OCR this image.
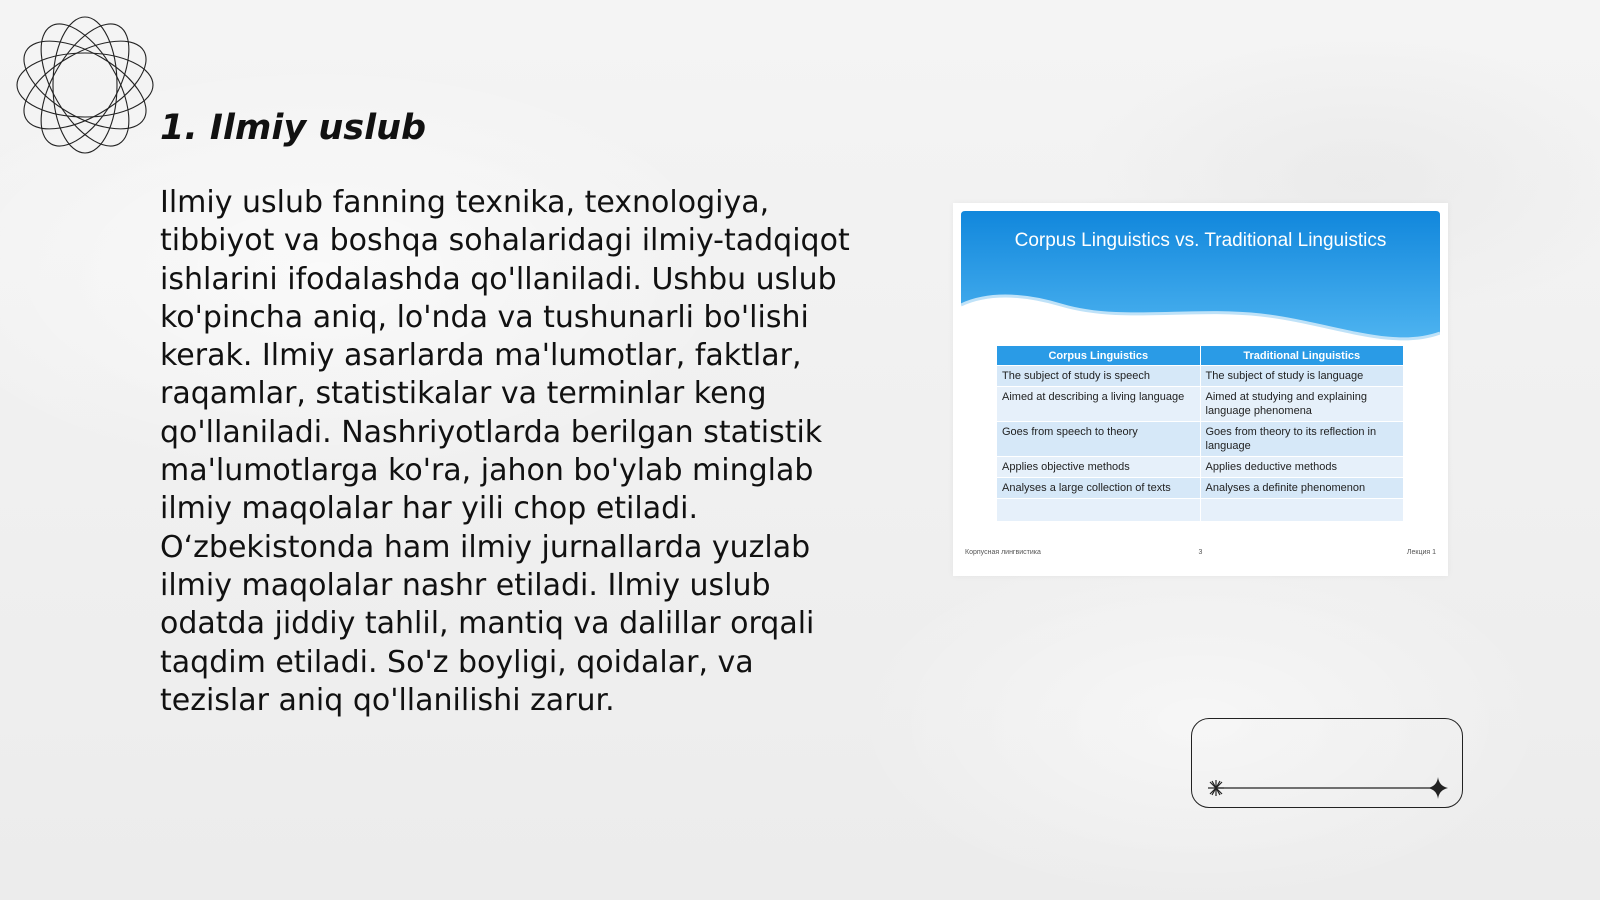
1. Ilmiy uslub

Ilmiy uslub fanning texnika, texnologiya, tibbiyot va boshqa sohalaridagi ilmiy-tadqiqot ishlarini ifodalashda qo'llaniladi. Ushbu uslub ko'pincha aniq, lo'nda va tushunarli bo'lishi kerak. Ilmiy asarlarda ma'lumotlar, faktlar, raqamlar, statistikalar va terminlar keng qo'llaniladi. Nashriyotlarda berilgan statistik ma'lumotlarga ko'ra, jahon bo'ylab minglab ilmiy maqolalar har yili chop etiladi. O‘zbekistonda ham ilmiy jurnallarda yuzlab ilmiy maqolalar nashr etiladi. Ilmiy uslub odatda jiddiy tahlil, mantiq va dalillar orqali taqdim etiladi. So'z boyligi, qoidalar, va tezislar aniq qo'llanilishi zarur.

Corpus Linguistics vs. Traditional Linguistics
Corpus Linguistics	Traditional Linguistics
The subject of study is speech	The subject of study is language
Aimed at describing a living language	Aimed at studying and explaining language phenomena
Goes from speech to theory	Goes from theory to its reflection in language
Applies objective methods	Applies deductive methods
Analyses a large collection of texts	Analyses a definite phenomenon

Корпусная лингвистика	3	Лекция 1
